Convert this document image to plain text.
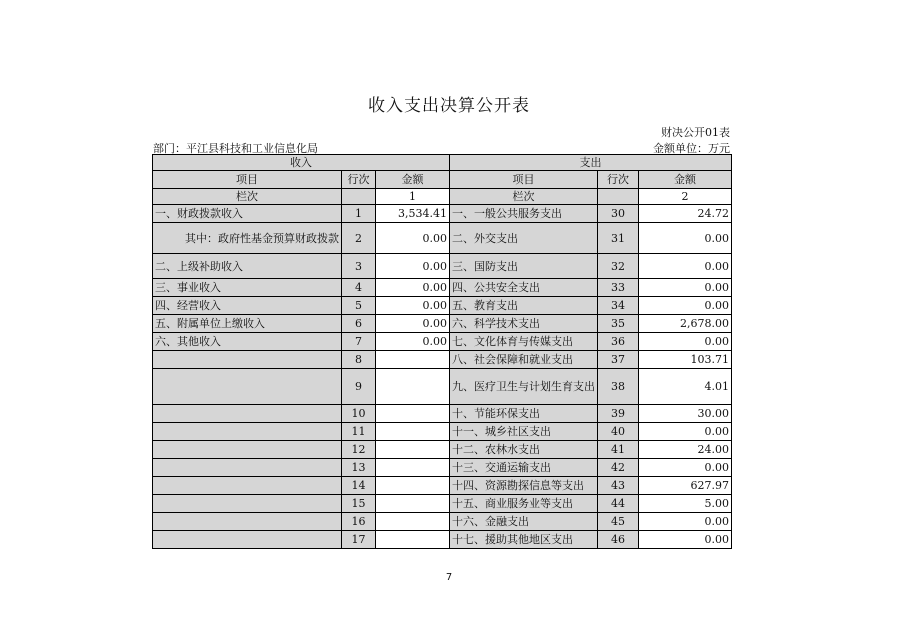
收入支出决算公开表
财决公开01表
部门：平江县科技和工业信息化局	金额单位：万元
收入			支出		
项目	行次	金额	项目	行次	金额
栏次		1	栏次		2
一、财政拨款收入	1	3,534.41	一、一般公共服务支出	30	24.72
其中：政府性基金预算财政拨款	2	0.00	二、外交支出	31	0.00
二、上级补助收入	3	0.00	三、国防支出	32	0.00
三、事业收入	4	0.00	四、公共安全支出	33	0.00
四、经营收入	5	0.00	五、教育支出	34	0.00
五、附属单位上缴收入	6	0.00	六、科学技术支出	35	2,678.00
六、其他收入	7	0.00	七、文化体育与传媒支出	36	0.00
	8		八、社会保障和就业支出	37	103.71
	9		九、医疗卫生与计划生育支出	38	4.01
	10		十、节能环保支出	39	30.00
	11		十一、城乡社区支出	40	0.00
	12		十二、农林水支出	41	24.00
	13		十三、交通运输支出	42	0.00
	14		十四、资源勘探信息等支出	43	627.97
	15		十五、商业服务业等支出	44	5.00
	16		十六、金融支出	45	0.00
	17		十七、援助其他地区支出	46	0.00
7
